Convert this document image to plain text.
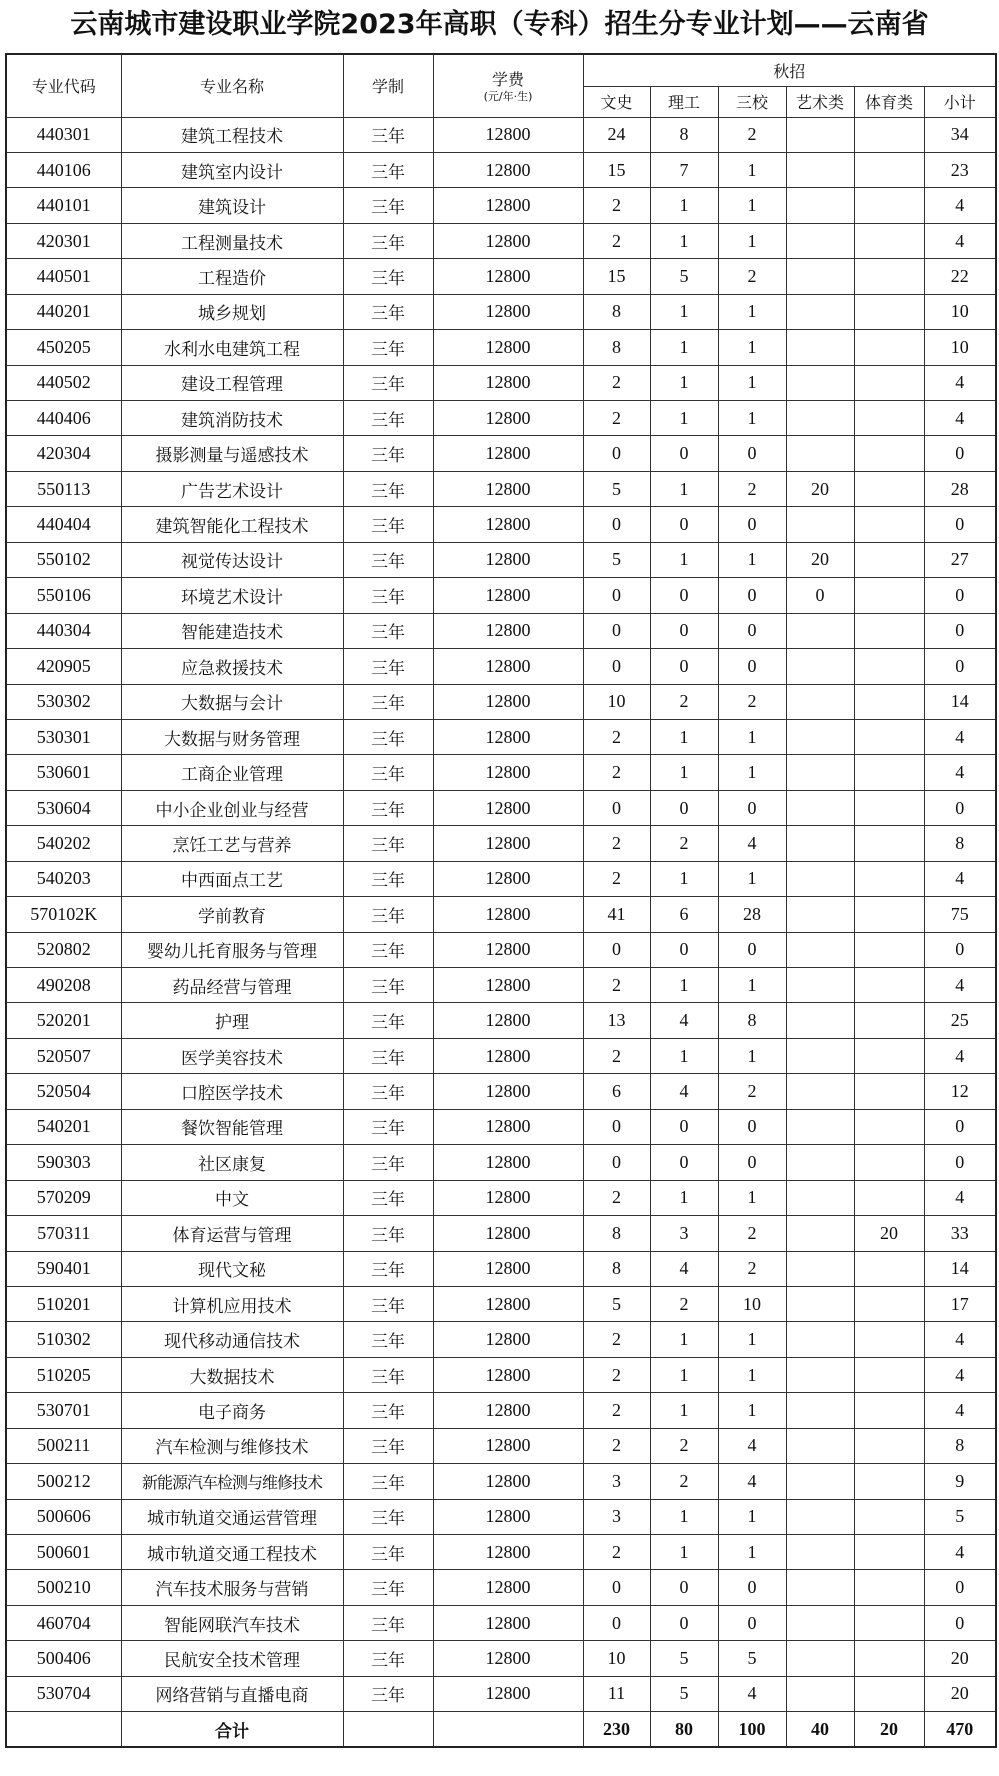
云南城市建设职业学院2023年高职（专科）招生分专业计划——云南省
专业代码	专业名称	学制	学费
(元/年·生)	秋招					
				文史	理工	三校	艺术类	体育类	小计
440301	建筑工程技术	三年	12800	24	8	2			34
440106	建筑室内设计	三年	12800	15	7	1			23
440101	建筑设计	三年	12800	2	1	1			4
420301	工程测量技术	三年	12800	2	1	1			4
440501	工程造价	三年	12800	15	5	2			22
440201	城乡规划	三年	12800	8	1	1			10
450205	水利水电建筑工程	三年	12800	8	1	1			10
440502	建设工程管理	三年	12800	2	1	1			4
440406	建筑消防技术	三年	12800	2	1	1			4
420304	摄影测量与遥感技术	三年	12800	0	0	0			0
550113	广告艺术设计	三年	12800	5	1	2	20		28
440404	建筑智能化工程技术	三年	12800	0	0	0			0
550102	视觉传达设计	三年	12800	5	1	1	20		27
550106	环境艺术设计	三年	12800	0	0	0	0		0
440304	智能建造技术	三年	12800	0	0	0			0
420905	应急救援技术	三年	12800	0	0	0			0
530302	大数据与会计	三年	12800	10	2	2			14
530301	大数据与财务管理	三年	12800	2	1	1			4
530601	工商企业管理	三年	12800	2	1	1			4
530604	中小企业创业与经营	三年	12800	0	0	0			0
540202	烹饪工艺与营养	三年	12800	2	2	4			8
540203	中西面点工艺	三年	12800	2	1	1			4
570102K	学前教育	三年	12800	41	6	28			75
520802	婴幼儿托育服务与管理	三年	12800	0	0	0			0
490208	药品经营与管理	三年	12800	2	1	1			4
520201	护理	三年	12800	13	4	8			25
520507	医学美容技术	三年	12800	2	1	1			4
520504	口腔医学技术	三年	12800	6	4	2			12
540201	餐饮智能管理	三年	12800	0	0	0			0
590303	社区康复	三年	12800	0	0	0			0
570209	中文	三年	12800	2	1	1			4
570311	体育运营与管理	三年	12800	8	3	2		20	33
590401	现代文秘	三年	12800	8	4	2			14
510201	计算机应用技术	三年	12800	5	2	10			17
510302	现代移动通信技术	三年	12800	2	1	1			4
510205	大数据技术	三年	12800	2	1	1			4
530701	电子商务	三年	12800	2	1	1			4
500211	汽车检测与维修技术	三年	12800	2	2	4			8
500212	新能源汽车检测与维修技术	三年	12800	3	2	4			9
500606	城市轨道交通运营管理	三年	12800	3	1	1			5
500601	城市轨道交通工程技术	三年	12800	2	1	1			4
500210	汽车技术服务与营销	三年	12800	0	0	0			0
460704	智能网联汽车技术	三年	12800	0	0	0			0
500406	民航安全技术管理	三年	12800	10	5	5			20
530704	网络营销与直播电商	三年	12800	11	5	4			20
	合计			230	80	100	40	20	470
